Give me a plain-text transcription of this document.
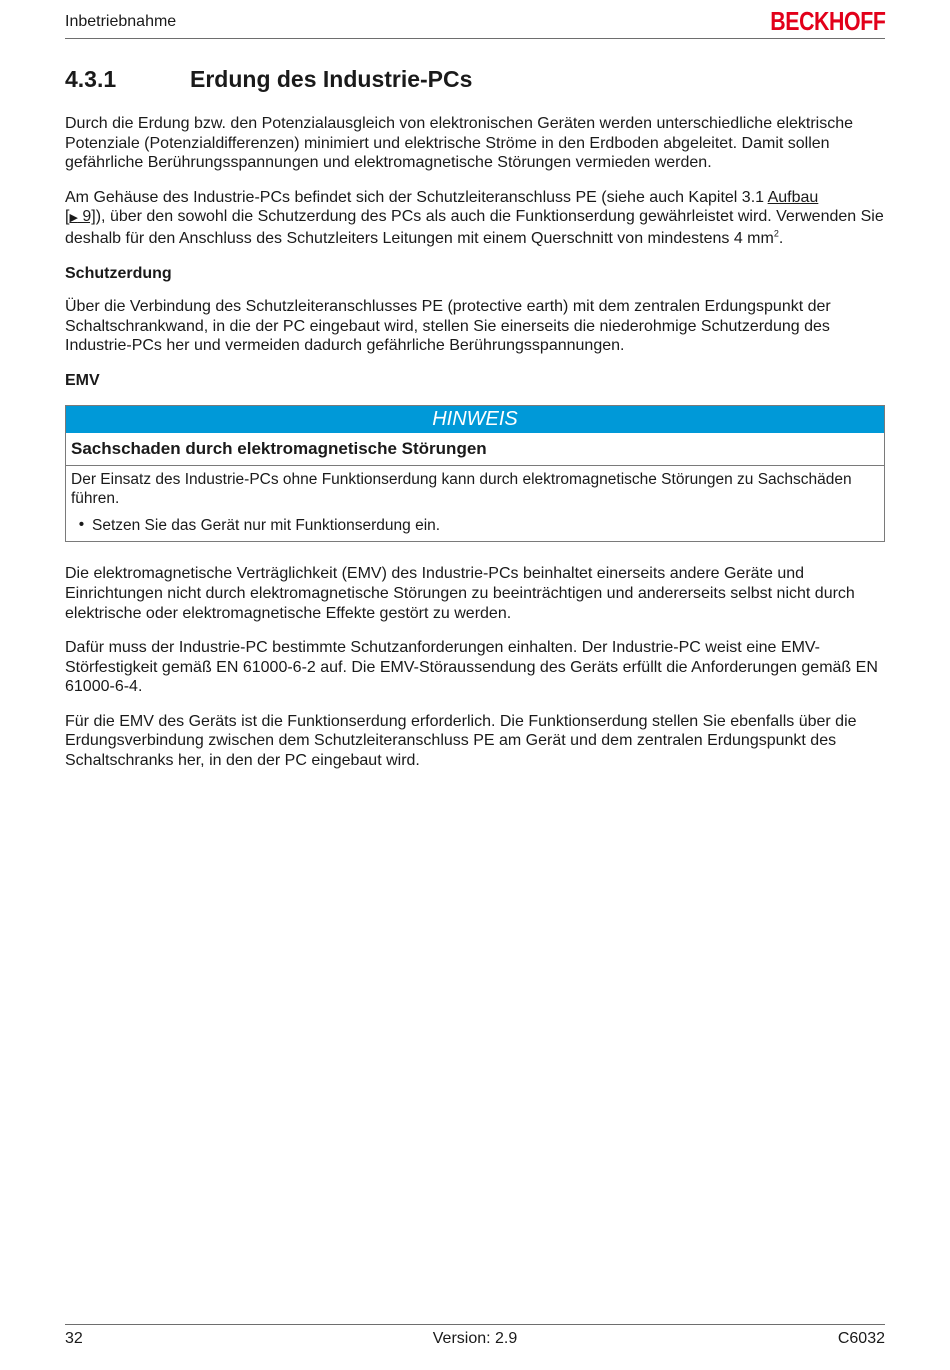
Inbetriebnahme	BECKHOFF
4.3.1	Erdung des Industrie-PCs

Durch die Erdung bzw. den Potenzialausgleich von elektronischen Geräten werden unterschiedliche elektrische Potenziale (Potenzialdifferenzen) minimiert und elektrische Ströme in den Erdboden abgeleitet. Damit sollen gefährliche Berührungsspannungen und elektromagnetische Störungen vermieden werden.

Am Gehäuse des Industrie-PCs befindet sich der Schutzleiteranschluss PE (siehe auch Kapitel 3.1 Aufbau
[▶ 9]), über den sowohl die Schutzerdung des PCs als auch die Funktionserdung gewährleistet wird. Verwenden Sie deshalb für den Anschluss des Schutzleiters Leitungen mit einem Querschnitt von mindestens 4 $mm^2$.

Schutzerdung

Über die Verbindung des Schutzleiteranschlusses PE (protective earth) mit dem zentralen Erdungspunkt der Schaltschrankwand, in die der PC eingebaut wird, stellen Sie einerseits die niederohmige Schutzerdung des Industrie-PCs her und vermeiden dadurch gefährliche Berührungsspannungen.

EMV

HINWEIS
Sachschaden durch elektromagnetische Störungen

Der Einsatz des Industrie-PCs ohne Funktionserdung kann durch elektromagnetische Störungen zu Sachschäden führen.

• Setzen Sie das Gerät nur mit Funktionserdung ein.

Die elektromagnetische Verträglichkeit (EMV) des Industrie-PCs beinhaltet einerseits andere Geräte und Einrichtungen nicht durch elektromagnetische Störungen zu beeinträchtigen und andererseits selbst nicht durch elektrische oder elektromagnetische Effekte gestört zu werden.

Dafür muss der Industrie-PC bestimmte Schutzanforderungen einhalten. Der Industrie-PC weist eine EMV-Störfestigkeit gemäß EN 61000-6-2 auf. Die EMV-Störaussendung des Geräts erfüllt die Anforderungen gemäß EN 61000-6-4.

Für die EMV des Geräts ist die Funktionserdung erforderlich. Die Funktionserdung stellen Sie ebenfalls über die Erdungsverbindung zwischen dem Schutzleiteranschluss PE am Gerät und dem zentralen Erdungspunkt des Schaltschranks her, in den der PC eingebaut wird.

32	Version: 2.9	C6032
